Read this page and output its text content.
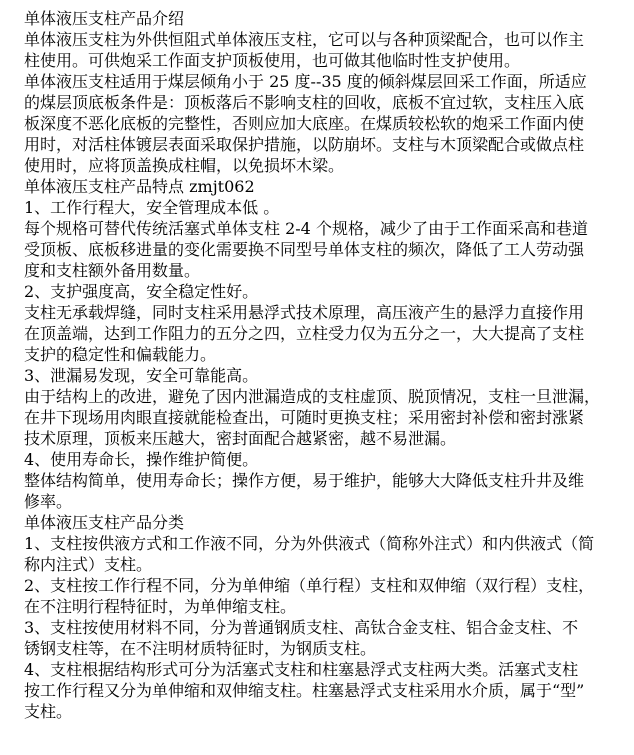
单体液压支柱产品介绍
单体液压支柱为外供恒阻式单体液压支柱，它可以与各种顶梁配合，也可以作主
柱使用。可供炮采工作面支护顶板使用，也可做其他临时性支护使用。
单体液压支柱适用于煤层倾角小于 25 度--35 度的倾斜煤层回采工作面，所适应
的煤层顶底板条件是：顶板落后不影响支柱的回收，底板不宜过软，支柱压入底
板深度不恶化底板的完整性，否则应加大底座。在煤质较松软的炮采工作面内使
用时，对活柱体镀层表面采取保护措施，以防崩坏。支柱与木顶梁配合或做点柱
使用时，应将顶盖换成柱帽，以免损坏木梁。
单体液压支柱产品特点 zmjt062
1、工作行程大，安全管理成本低 。
每个规格可替代传统活塞式单体支柱 2-4 个规格，减少了由于工作面采高和巷道
受顶板、底板移进量的变化需要换不同型号单体支柱的频次，降低了工人劳动强
度和支柱额外备用数量。
2、支护强度高，安全稳定性好。
支柱无承载焊缝，同时支柱采用悬浮式技术原理，高压液产生的悬浮力直接作用
在顶盖端，达到工作阻力的五分之四，立柱受力仅为五分之一，大大提高了支柱
支护的稳定性和偏载能力。
3、泄漏易发现，安全可靠能高。
由于结构上的改进，避免了因内泄漏造成的支柱虚顶、脱顶情况，支柱一旦泄漏，
在井下现场用肉眼直接就能检查出，可随时更换支柱；采用密封补偿和密封涨紧
技术原理，顶板来压越大，密封面配合越紧密，越不易泄漏。
4、使用寿命长，操作维护简便。
整体结构简单，使用寿命长；操作方便，易于维护，能够大大降低支柱升井及维
修率。
单体液压支柱产品分类
1、支柱按供液方式和工作液不同，分为外供液式（简称外注式）和内供液式（简
称内注式）支柱。
2、支柱按工作行程不同，分为单伸缩（单行程）支柱和双伸缩（双行程）支柱，
在不注明行程特征时，为单伸缩支柱。
3、支柱按使用材料不同，分为普通钢质支柱、高钛合金支柱、铝合金支柱、不
锈钢支柱等，在不注明材质特征时，为钢质支柱。
4、支柱根据结构形式可分为活塞式支柱和柱塞悬浮式支柱两大类。活塞式支柱
按工作行程又分为单伸缩和双伸缩支柱。柱塞悬浮式支柱采用水介质，属于“型”
支柱。
